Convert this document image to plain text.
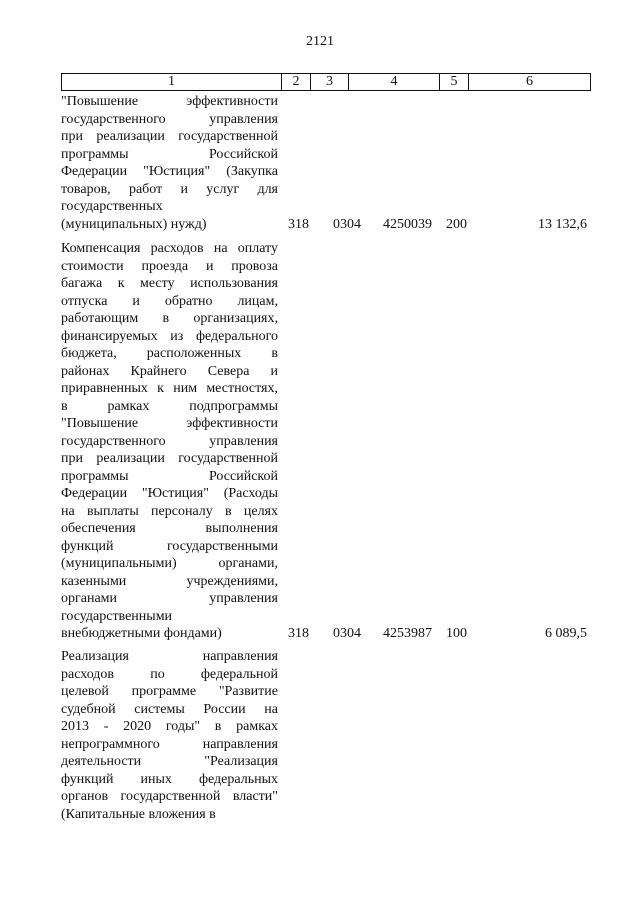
2121
1	2	3	4	5	6
"Повышение эффективности
государственного управления
при реализации государственной
программы Российской
Федерации "Юстиция" (Закупка
товаров, работ и услуг для
государственных
(муниципальных) нужд)	318 0304 4250039 200	13 132,6
Компенсация расходов на оплату
стоимости проезда и провоза
багажа к месту использования
отпуска и обратно лицам,
работающим в организациях,
финансируемых из федерального
бюджета, расположенных в
районах Крайнего Севера и
приравненных к ним местностях,
в рамках подпрограммы
"Повышение эффективности
государственного управления
при реализации государственной
программы Российской
Федерации "Юстиция" (Расходы
на выплаты персоналу в целях
обеспечения выполнения
функций государственными
(муниципальными) органами,
казенными учреждениями,
органами управления
государственными
внебюджетными фондами)	318 0304 4253987 100	6 089,5
Реализация направления
расходов по федеральной
целевой программе "Развитие
судебной системы России на
2013 - 2020 годы" в рамках
непрограммного направления
деятельности "Реализация
функций иных федеральных
органов государственной власти"
(Капитальные вложения в
